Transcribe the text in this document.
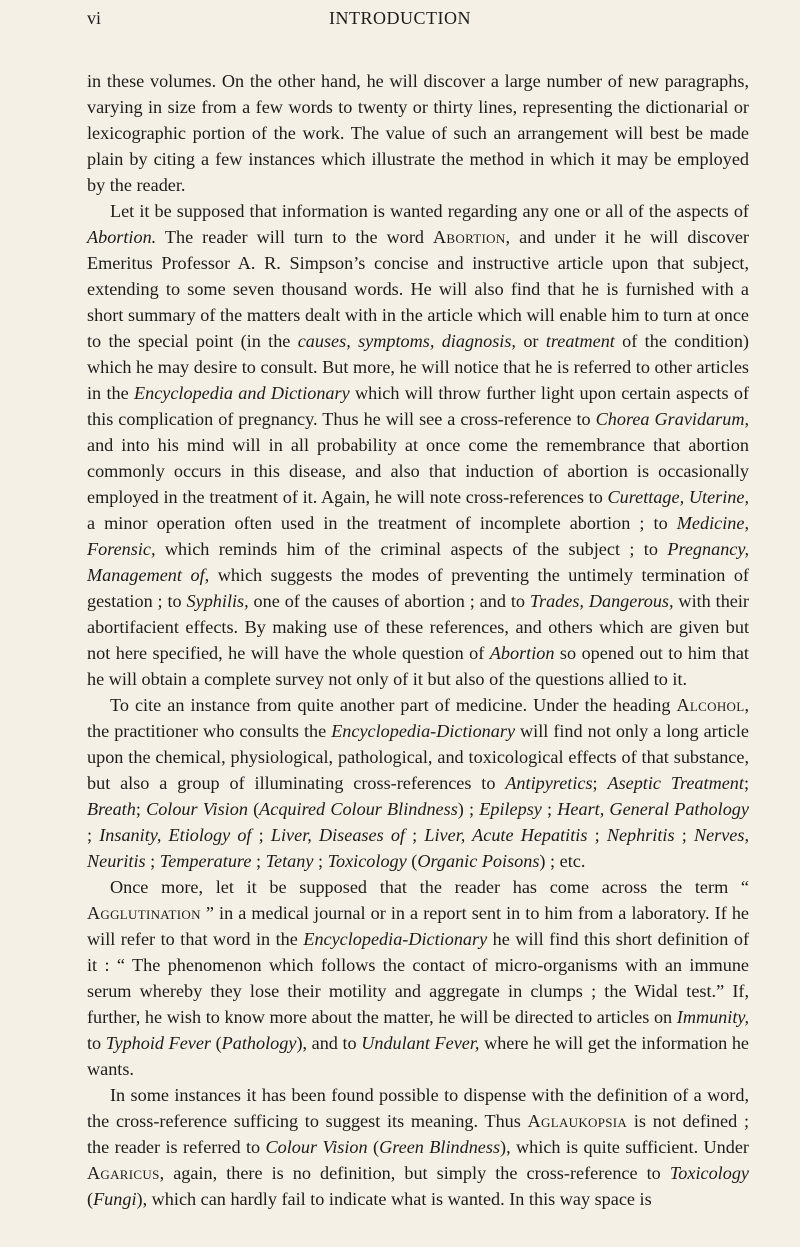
vi	INTRODUCTION

in these volumes. On the other hand, he will discover a large number of new paragraphs, varying in size from a few words to twenty or thirty lines, representing the dictionarial or lexicographic portion of the work. The value of such an arrangement will best be made plain by citing a few instances which illustrate the method in which it may be employed by the reader.

Let it be supposed that information is wanted regarding any one or all of the aspects of Abortion. The reader will turn to the word Abortion, and under it he will discover Emeritus Professor A. R. Simpson’s concise and instructive article upon that subject, extending to some seven thousand words. He will also find that he is furnished with a short summary of the matters dealt with in the article which will enable him to turn at once to the special point (in the causes, symptoms, diagnosis, or treatment of the condition) which he may desire to consult. But more, he will notice that he is referred to other articles in the Encyclopedia and Dictionary which will throw further light upon certain aspects of this complication of pregnancy. Thus he will see a cross-reference to Chorea Gravidarum, and into his mind will in all probability at once come the remembrance that abortion commonly occurs in this disease, and also that induction of abortion is occasionally employed in the treatment of it. Again, he will note cross-references to Curettage, Uterine, a minor operation often used in the treatment of incomplete abortion ; to Medicine, Forensic, which reminds him of the criminal aspects of the subject ; to Pregnancy, Management of, which suggests the modes of preventing the untimely termination of gestation ; to Syphilis, one of the causes of abortion ; and to Trades, Dangerous, with their abortifacient effects. By making use of these references, and others which are given but not here specified, he will have the whole question of Abortion so opened out to him that he will obtain a complete survey not only of it but also of the questions allied to it.

To cite an instance from quite another part of medicine. Under the heading Alcohol, the practitioner who consults the Encyclopedia-Dictionary will find not only a long article upon the chemical, physiological, pathological, and toxicological effects of that substance, but also a group of illuminating cross-references to Antipyretics; Aseptic Treatment; Breath; Colour Vision (Acquired Colour Blindness) ; Epilepsy ; Heart, General Pathology ; Insanity, Etiology of ; Liver, Diseases of ; Liver, Acute Hepatitis ; Nephritis ; Nerves, Neuritis ; Temperature ; Tetany ; Toxicology (Organic Poisons) ; etc.

Once more, let it be supposed that the reader has come across the term “ Agglutination ” in a medical journal or in a report sent in to him from a laboratory. If he will refer to that word in the Encyclopedia-Dictionary he will find this short definition of it : “ The phenomenon which follows the contact of micro-organisms with an immune serum whereby they lose their motility and aggregate in clumps ; the Widal test.” If, further, he wish to know more about the matter, he will be directed to articles on Immunity, to Typhoid Fever (Pathology), and to Undulant Fever, where he will get the information he wants.

In some instances it has been found possible to dispense with the definition of a word, the cross-reference sufficing to suggest its meaning. Thus Aglaukopsia is not defined ; the reader is referred to Colour Vision (Green Blindness), which is quite sufficient. Under Agaricus, again, there is no definition, but simply the cross-reference to Toxicology (Fungi), which can hardly fail to indicate what is wanted. In this way space is
